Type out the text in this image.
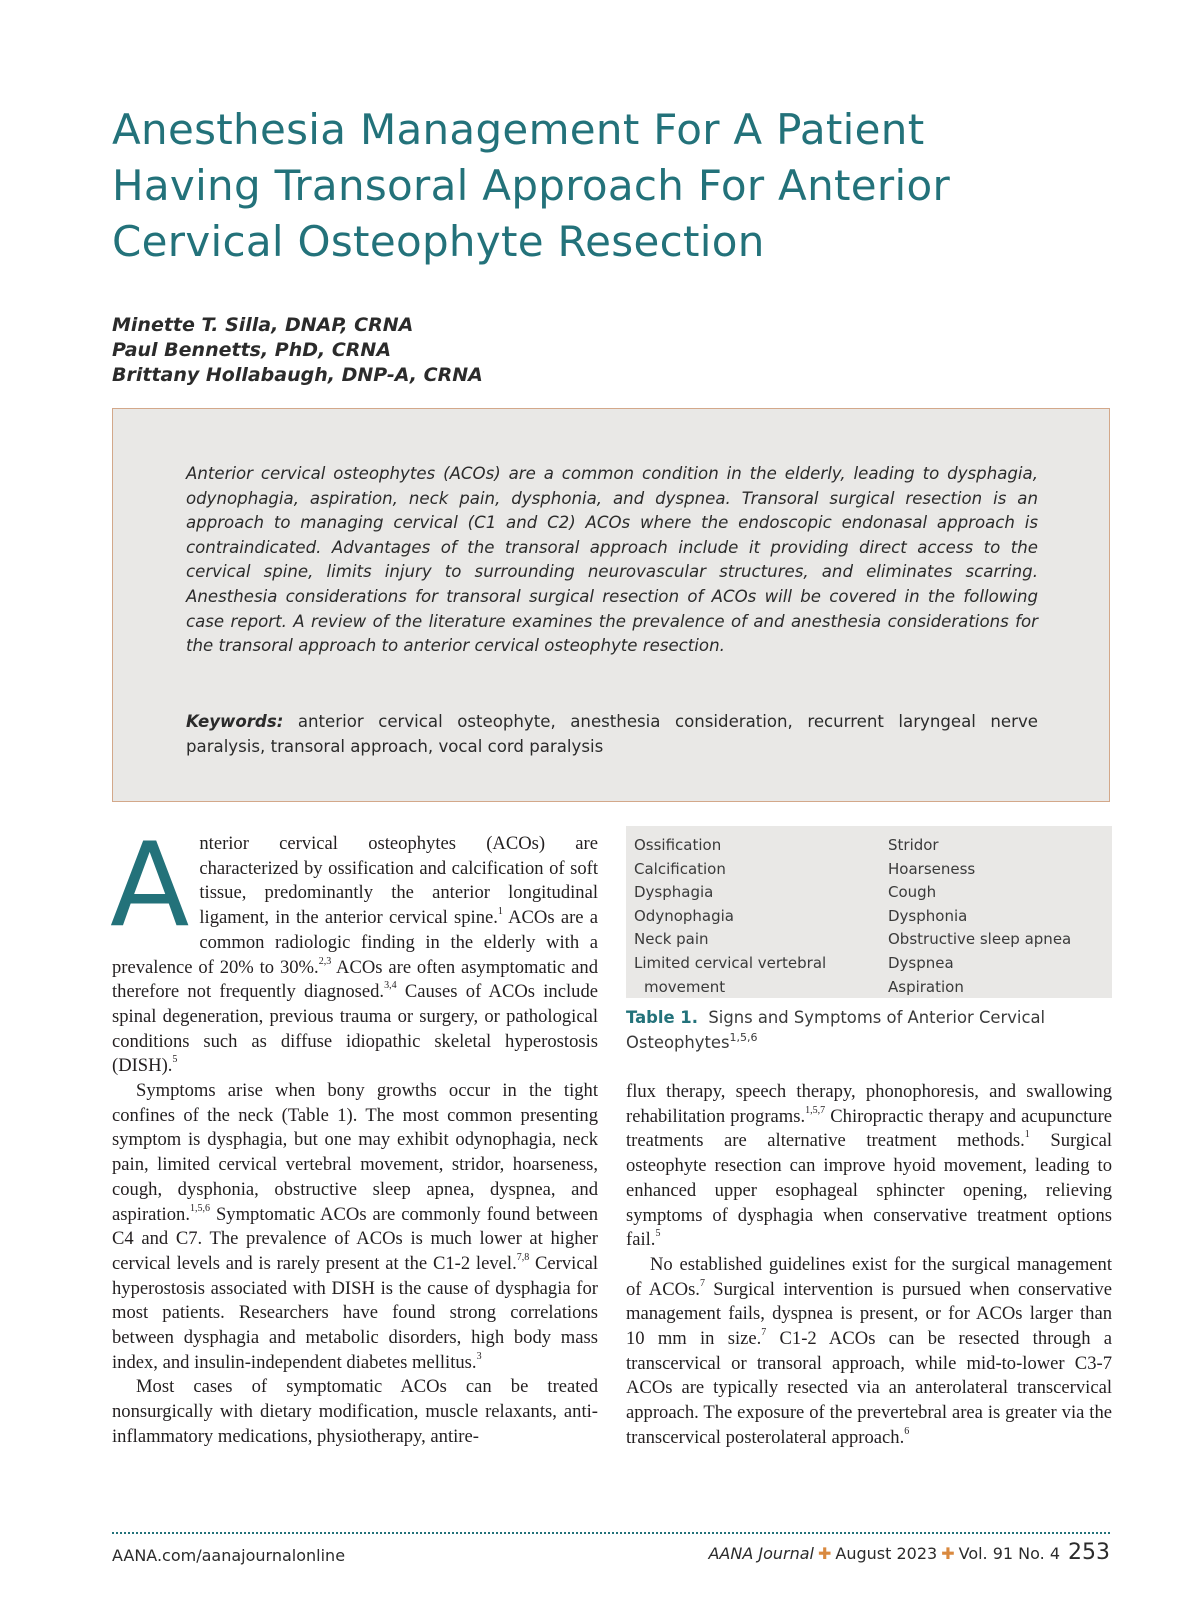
Anesthesia Management For A Patient
Having Transoral Approach For Anterior
Cervical Osteophyte Resection
Minette T. Silla, DNAP, CRNA
Paul Bennetts, PhD, CRNA
Brittany Hollabaugh, DNP-A, CRNA

Anterior cervical osteophytes (ACOs) are a common condition in the elderly, leading to dysphagia, odynophagia, aspiration, neck pain, dysphonia, and dyspnea. Transoral surgical resection is an approach to managing cervical (C1 and C2) ACOs where the endoscopic endonasal approach is contraindicated. Advantages of the transoral approach include it providing direct access to the cervical spine, limits injury to surrounding neurovascular structures, and eliminates scarring. Anesthesia considerations for transoral surgical resection of ACOs will be covered in the following case report. A review of the literature examines the prevalence of and anesthesia considerations for the transoral approach to anterior cervical osteophyte resection.

Keywords: anterior cervical osteophyte, anesthesia consideration, recurrent laryngeal nerve paralysis, transoral approach, vocal cord paralysis

Anterior cervical osteophytes (ACOs) are characterized by ossification and calcification of soft tissue, predominantly the anterior longitudinal ligament, in the anterior cervical spine.$^1$ ACOs are a common radiologic finding in the elderly with a prevalence of 20% to 30%.$^{2,3}$ ACOs are often asymptomatic and therefore not frequently diagnosed.$^{3,4}$ Causes of ACOs include spinal degeneration, previous trauma or surgery, or pathological conditions such as diffuse idiopathic skeletal hyperostosis (DISH).$^5$

Symptoms arise when bony growths occur in the tight confines of the neck (Table 1). The most common presenting symptom is dysphagia, but one may exhibit odynophagia, neck pain, limited cervical vertebral movement, stridor, hoarseness, cough, dysphonia, obstructive sleep apnea, dyspnea, and aspiration.$^{1,5,6}$ Symptomatic ACOs are commonly found between C4 and C7. The prevalence of ACOs is much lower at higher cervical levels and is rarely present at the C1-2 level.$^{7,8}$ Cervical hyperostosis associated with DISH is the cause of dysphagia for most patients. Researchers have found strong correlations between dysphagia and metabolic disorders, high body mass index, and insulin-independent diabetes mellitus.$^3$

Most cases of symptomatic ACOs can be treated nonsurgically with dietary modification, muscle relaxants, anti-inflammatory medications, physiotherapy, antire-

Ossification
Calcification
Dysphagia
Odynophagia
Neck pain
Limited cervical vertebral
movement
Stridor
Hoarseness
Cough
Dysphonia
Obstructive sleep apnea
Dyspnea
Aspiration

Table 1. Signs and Symptoms of Anterior Cervical Osteophytes$^{1,5,6}$

flux therapy, speech therapy, phonophoresis, and swallowing rehabilitation programs.$^{1,5,7}$ Chiropractic therapy and acupuncture treatments are alternative treatment methods.$^1$ Surgical osteophyte resection can improve hyoid movement, leading to enhanced upper esophageal sphincter opening, relieving symptoms of dysphagia when conservative treatment options fail.$^5$

No established guidelines exist for the surgical management of ACOs.$^7$ Surgical intervention is pursued when conservative management fails, dyspnea is present, or for ACOs larger than 10 mm in size.$^7$ C1-2 ACOs can be resected through a transcervical or transoral approach, while mid-to-lower C3-7 ACOs are typically resected via an anterolateral transcervical approach. The exposure of the prevertebral area is greater via the transcervical posterolateral approach.$^6$

AANA.com/aanajournalonline	AANA Journal ✚ August 2023 ✚ Vol. 91 No. 4 253
